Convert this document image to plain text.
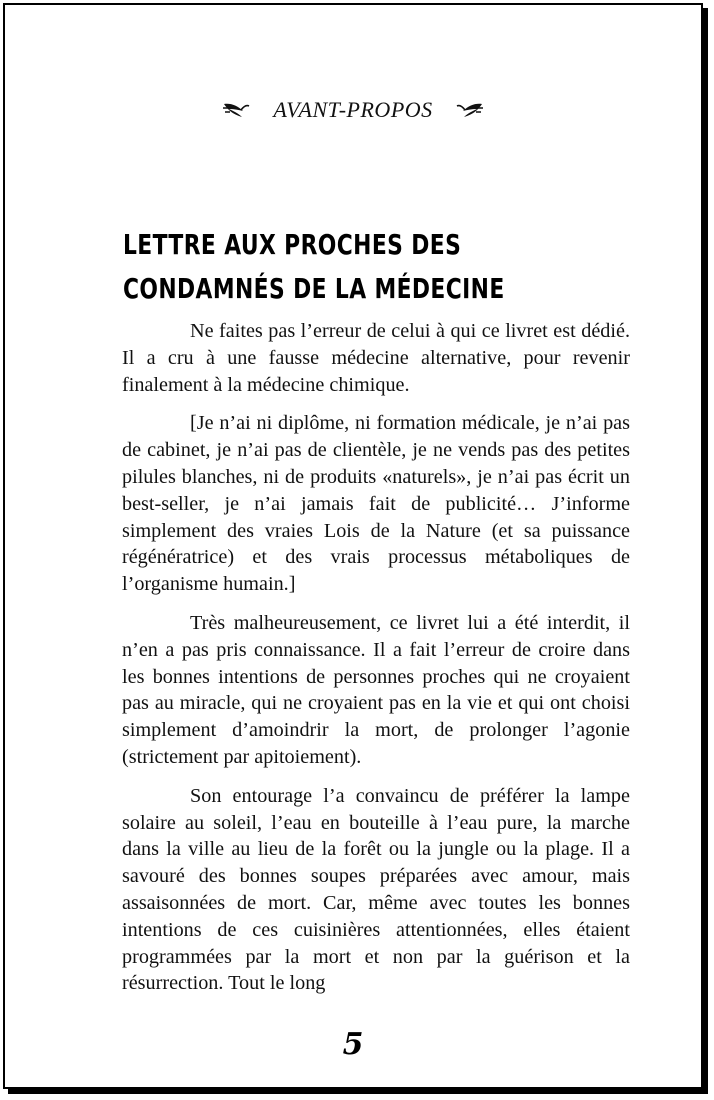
AVANT-PROPOS
LETTRE AUX PROCHES DES CONDAMNÉS DE LA MÉDECINE

Ne faites pas l’erreur de celui à qui ce livret est dédié. Il a cru à une fausse médecine alternative, pour revenir finalement à la médecine chimique.

[Je n’ai ni diplôme, ni formation médicale, je n’ai pas de cabinet, je n’ai pas de clientèle, je ne vends pas des petites pilules blanches, ni de produits «naturels», je n’ai pas écrit un best-seller, je n’ai jamais fait de publicité… J’informe simplement des vraies Lois de la Nature (et sa puissance régénératrice) et des vrais processus métaboliques de l’organisme humain.]

Très malheureusement, ce livret lui a été interdit, il n’en a pas pris connaissance. Il a fait l’erreur de croire dans les bonnes intentions de personnes proches qui ne croyaient pas au miracle, qui ne croyaient pas en la vie et qui ont choisi simplement d’amoindrir la mort, de prolonger l’agonie (strictement par apitoiement).

Son entourage l’a convaincu de préférer la lampe solaire au soleil, l’eau en bouteille à l’eau pure, la marche dans la ville au lieu de la forêt ou la jungle ou la plage. Il a savouré des bonnes soupes préparées avec amour, mais assaisonnées de mort. Car, même avec toutes les bonnes intentions de ces cuisinières attentionnées, elles étaient programmées par la mort et non par la guérison et la résurrection. Tout le long

5
